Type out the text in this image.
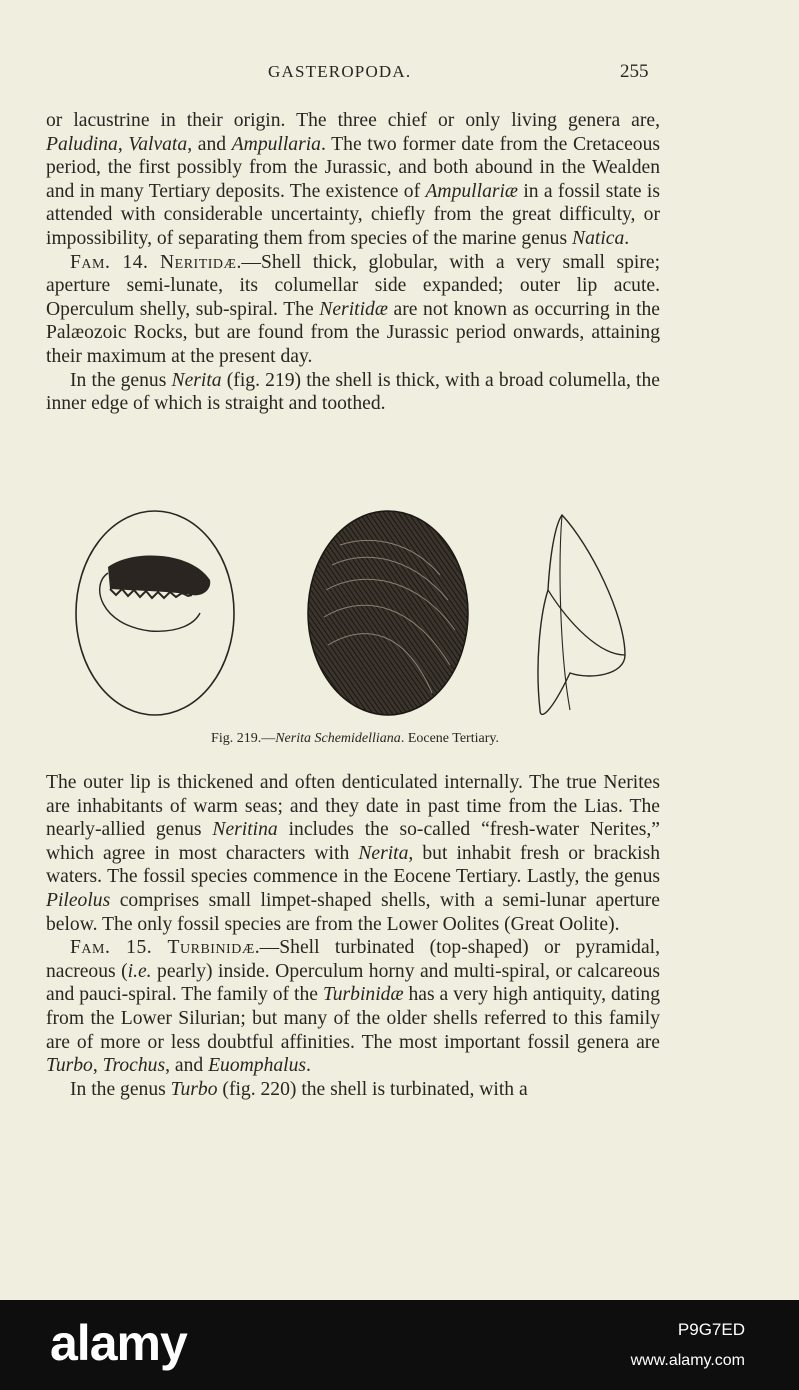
GASTEROPODA.	255

or lacustrine in their origin. The three chief or only living genera are, Paludina, Valvata, and Ampullaria. The two former date from the Cretaceous period, the first possibly from the Jurassic, and both abound in the Wealden and in many Tertiary deposits. The existence of Ampullariæ in a fossil state is attended with considerable uncertainty, chiefly from the great difficulty, or impossibility, of separating them from species of the marine genus Natica.

Fam. 14. Neritidæ.—Shell thick, globular, with a very small spire; aperture semi-lunate, its columellar side expanded; outer lip acute. Operculum shelly, sub-spiral. The Neritidæ are not known as occurring in the Palæozoic Rocks, but are found from the Jurassic period onwards, attaining their maximum at the present day.

In the genus Nerita (fig. 219) the shell is thick, with a broad columella, the inner edge of which is straight and toothed.

Fig. 219.—Nerita Schemidelliana. Eocene Tertiary.

The outer lip is thickened and often denticulated internally. The true Nerites are inhabitants of warm seas; and they date in past time from the Lias. The nearly-allied genus Neritina includes the so-called “fresh-water Nerites,” which agree in most characters with Nerita, but inhabit fresh or brackish waters. The fossil species commence in the Eocene Tertiary. Lastly, the genus Pileolus comprises small limpet-shaped shells, with a semi-lunar aperture below. The only fossil species are from the Lower Oolites (Great Oolite).

Fam. 15. Turbinidæ.—Shell turbinated (top-shaped) or pyramidal, nacreous (i.e. pearly) inside. Operculum horny and multi-spiral, or calcareous and pauci-spiral. The family of the Turbinidæ has a very high antiquity, dating from the Lower Silurian; but many of the older shells referred to this family are of more or less doubtful affinities. The most important fossil genera are Turbo, Trochus, and Euomphalus.

In the genus Turbo (fig. 220) the shell is turbinated, with a

alamy	P9G7ED
www.alamy.com
